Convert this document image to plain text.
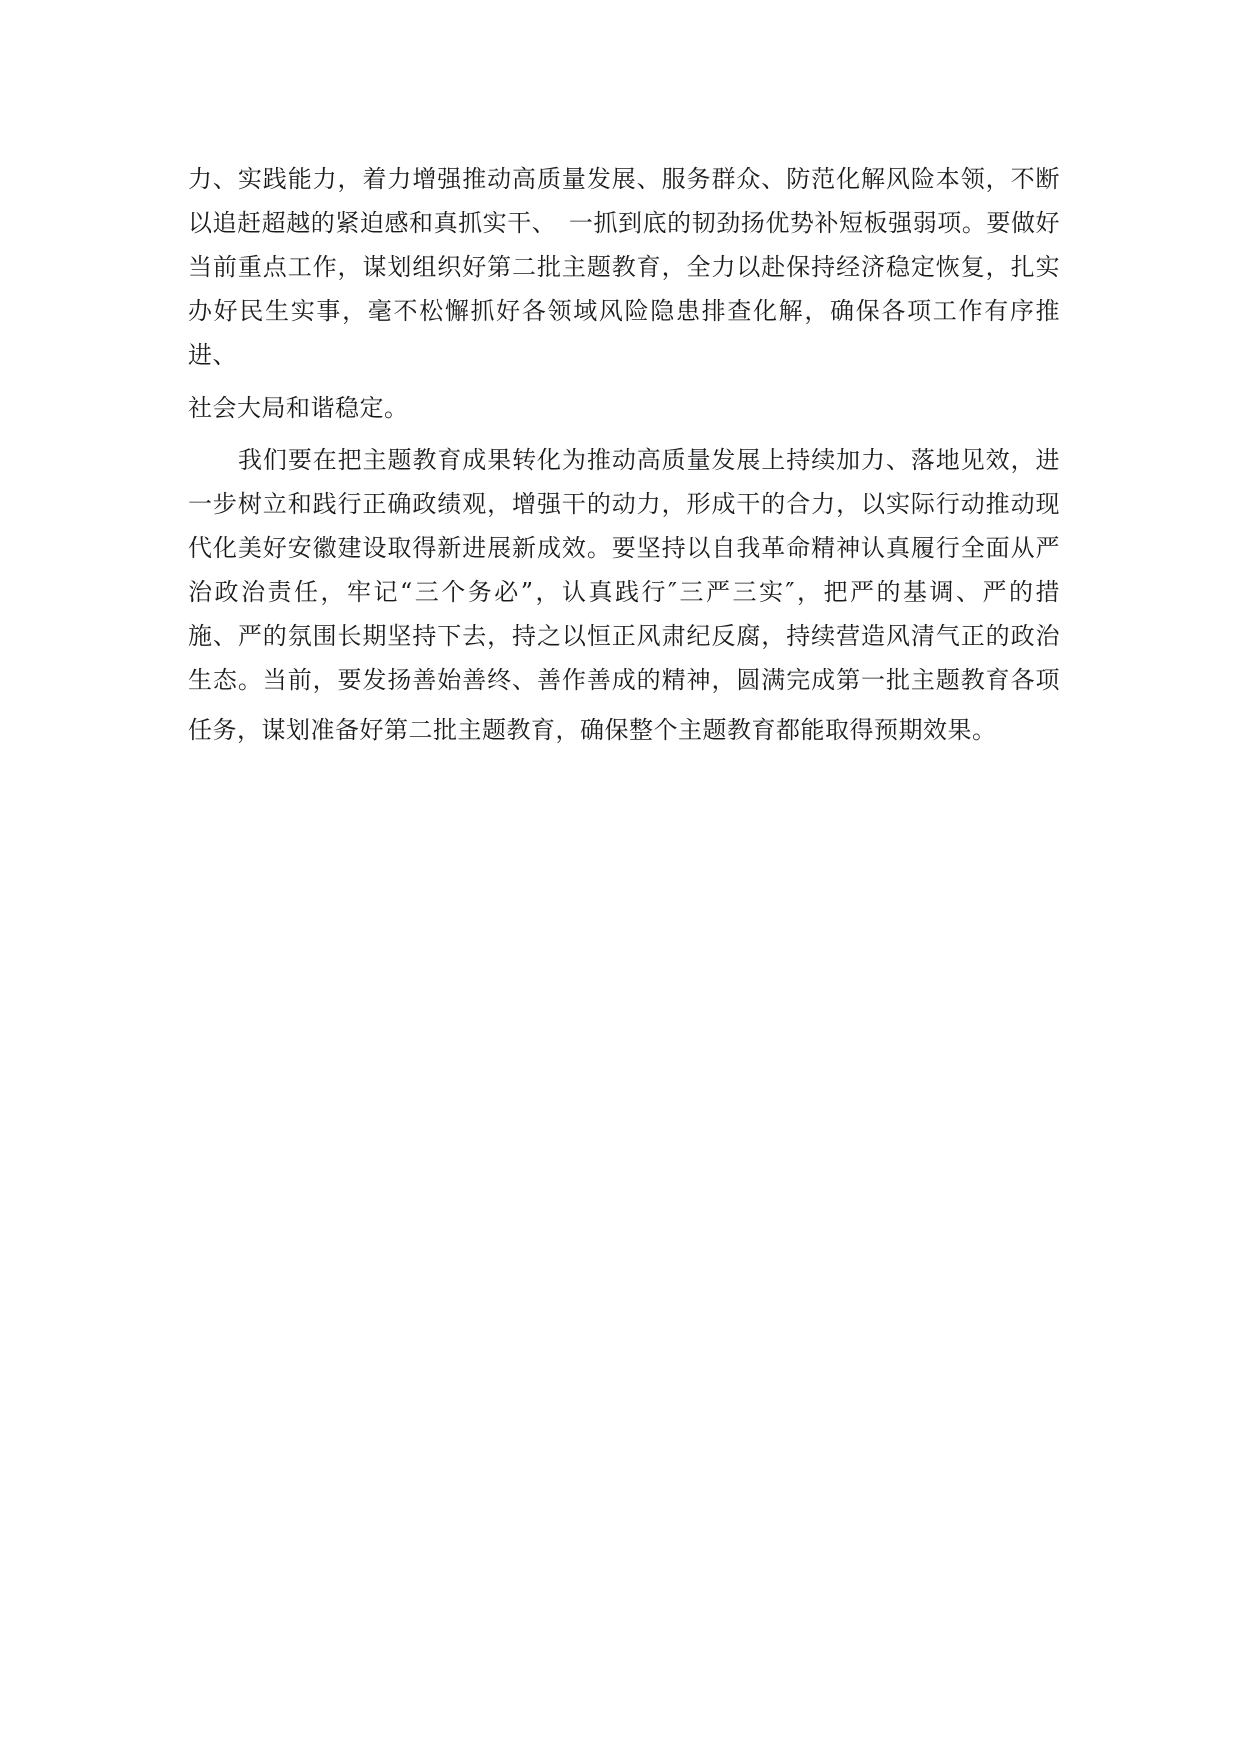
力、实践能力，着力增强推动高质量发展、服务群众、防范化解风险本领，不断
以追赶超越的紧迫感和真抓实干、　一抓到底的韧劲扬优势补短板强弱项。要做好
当前重点工作，谋划组织好第二批主题教育，全力以赴保持经济稳定恢复，扎实
办好民生实事，毫不松懈抓好各领域风险隐患排查化解，确保各项工作有序推
进、
社会大局和谐稳定。
我们要在把主题教育成果转化为推动高质量发展上持续加力、落地见效，进
一步树立和践行正确政绩观，增强干的动力，形成干的合力，以实际行动推动现
代化美好安徽建设取得新进展新成效。要坚持以自我革命精神认真履行全面从严
治政治责任，牢记“三个务必”，认真践行″三严三实″，把严的基调、严的措
施、严的氛围长期坚持下去，持之以恒正风肃纪反腐，持续营造风清气正的政治
生态。当前，要发扬善始善终、善作善成的精神，圆满完成第一批主题教育各项
任务，谋划准备好第二批主题教育，确保整个主题教育都能取得预期效果。
